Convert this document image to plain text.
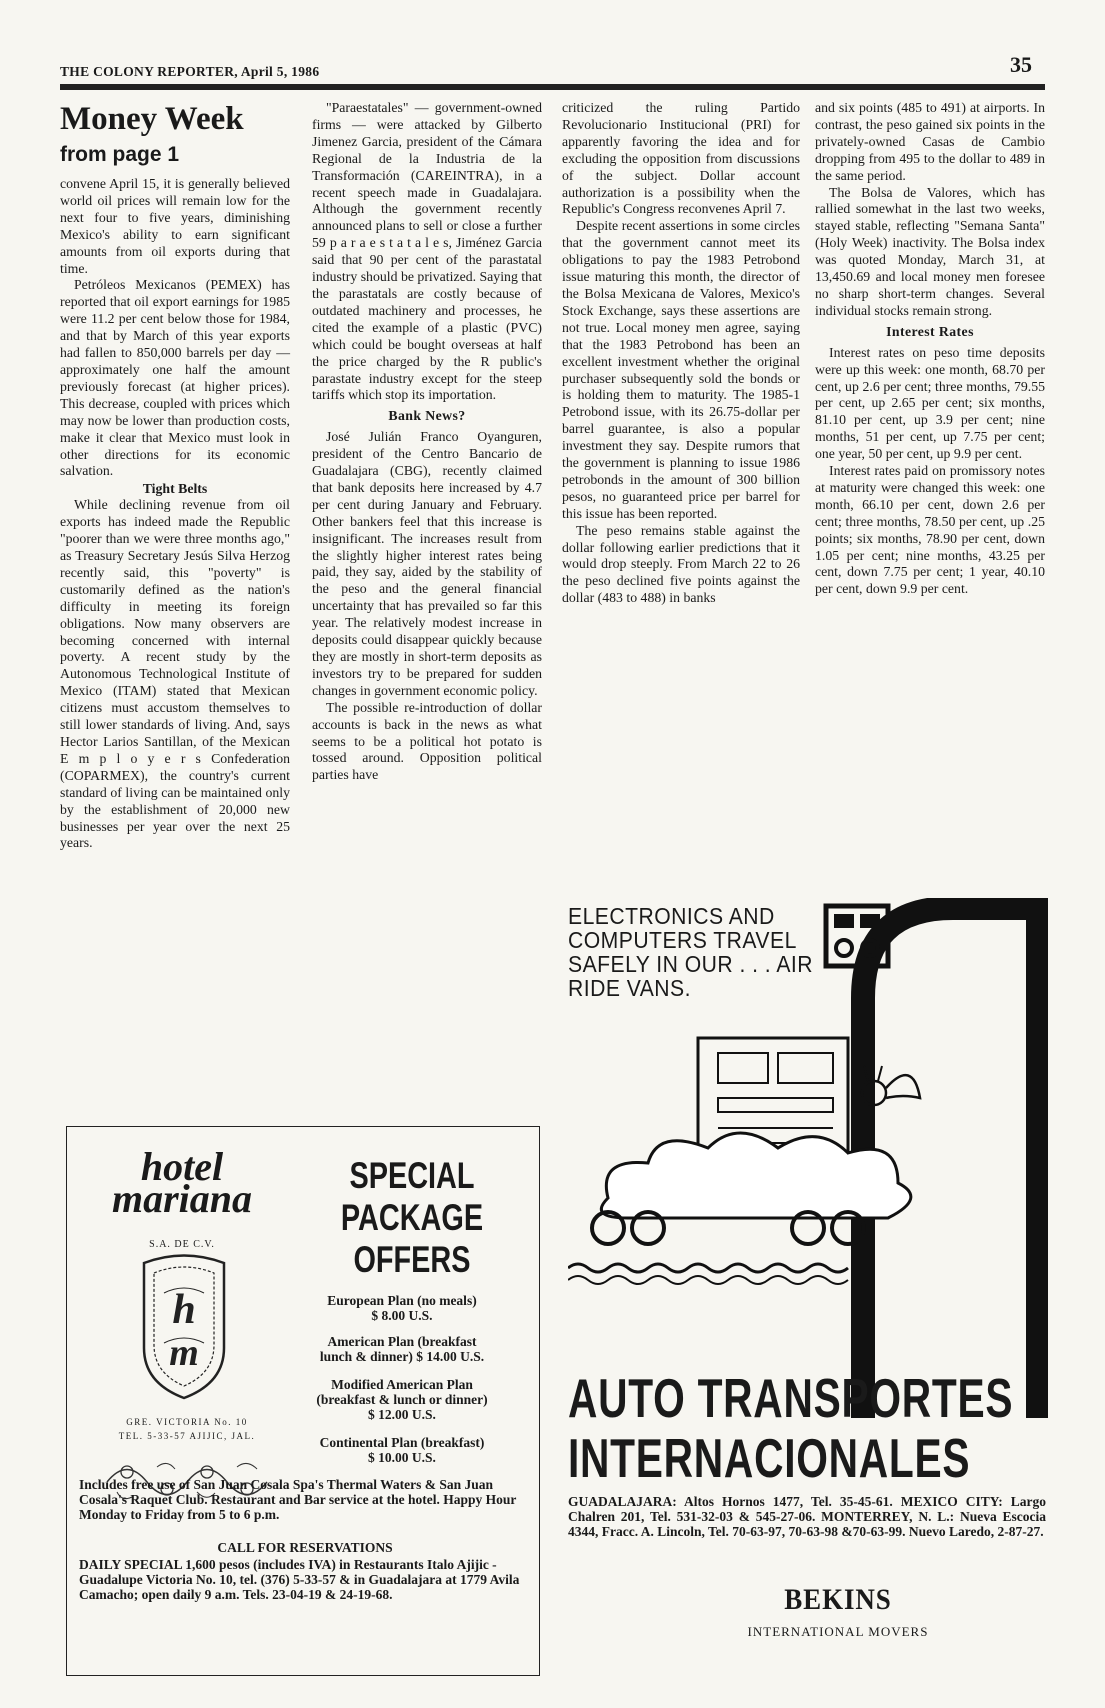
THE COLONY REPORTER, April 5, 1986	35
Money Week
from page 1

convene April 15, it is generally believed world oil prices will remain low for the next four to five years, diminishing Mexico's ability to earn significant amounts from oil exports during that time.

Petróleos Mexicanos (PEMEX) has reported that oil export earnings for 1985 were 11.2 per cent below those for 1984, and that by March of this year exports had fallen to 850,000 barrels per day — approximately one half the amount previously forecast (at higher prices). This decrease, coupled with prices which may now be lower than production costs, make it clear that Mexico must look in other directions for its economic salvation.

Tight Belts

While declining revenue from oil exports has indeed made the Republic "poorer than we were three months ago," as Treasury Secretary Jesús Silva Herzog recently said, this "poverty" is customarily defined as the nation's difficulty in meeting its foreign obligations. Now many observers are becoming concerned with internal poverty. A recent study by the Autonomous Technological Institute of Mexico (ITAM) stated that Mexican citizens must accustom themselves to still lower standards of living. And, says Hector Larios Santillan, of the Mexican E m p l o y e r s Confederation (COPARMEX), the country's current standard of living can be maintained only by the establishment of 20,000 new businesses per year over the next 25 years.

"Paraestatales" — government-owned firms — were attacked by Gilberto Jimenez Garcia, president of the Cámara Regional de la Industria de la Transformación (CAREINTRA), in a recent speech made in Guadalajara. Although the government recently announced plans to sell or close a further 59 p a r a e s t a t a l e s, Jiménez Garcia said that 90 per cent of the parastatal industry should be privatized. Saying that the parastatals are costly because of outdated machinery and processes, he cited the example of a plastic (PVC) which could be bought overseas at half the price charged by the R public's parastate industry except for the steep tariffs which stop its importation.

Bank News?

José Julián Franco Oyanguren, president of the Centro Bancario de Guadalajara (CBG), recently claimed that bank deposits here increased by 4.7 per cent during January and February. Other bankers feel that this increase is insignificant. The increases result from the slightly higher interest rates being paid, they say, aided by the stability of the peso and the general financial uncertainty that has prevailed so far this year. The relatively modest increase in deposits could disappear quickly because they are mostly in short-term deposits as investors try to be prepared for sudden changes in government economic policy.

The possible re-introduction of dollar accounts is back in the news as what seems to be a political hot potato is tossed around. Opposition political parties have

criticized the ruling Partido Revolucionario Institucional (PRI) for apparently favoring the idea and for excluding the opposition from discussions of the subject. Dollar account authorization is a possibility when the Republic's Congress reconvenes April 7.

Despite recent assertions in some circles that the government cannot meet its obligations to pay the 1983 Petrobond issue maturing this month, the director of the Bolsa Mexicana de Valores, Mexico's Stock Exchange, says these assertions are not true. Local money men agree, saying that the 1983 Petrobond has been an excellent investment whether the original purchaser subsequently sold the bonds or is holding them to maturity. The 1985-1 Petrobond issue, with its 26.75-dollar per barrel guarantee, is also a popular investment they say. Despite rumors that the government is planning to issue 1986 petrobonds in the amount of 300 billion pesos, no guaranteed price per barrel for this issue has been reported.

The peso remains stable against the dollar following earlier predictions that it would drop steeply. From March 22 to 26 the peso declined five points against the dollar (483 to 488) in banks

and six points (485 to 491) at airports. In contrast, the peso gained six points in the privately-owned Casas de Cambio dropping from 495 to the dollar to 489 in the same period.

The Bolsa de Valores, which has rallied somewhat in the last two weeks, stayed stable, reflecting "Semana Santa" (Holy Week) inactivity. The Bolsa index was quoted Monday, March 31, at 13,450.69 and local money men foresee no sharp short-term changes. Several individual stocks remain strong.

Interest Rates

Interest rates on peso time deposits were up this week: one month, 68.70 per cent, up 2.6 per cent; three months, 79.55 per cent, up 2.65 per cent; six months, 81.10 per cent, up 3.9 per cent; nine months, 51 per cent, up 7.75 per cent; one year, 50 per cent, up 9.9 per cent.

Interest rates paid on promissory notes at maturity were changed this week: one month, 66.10 per cent, down 2.6 per cent; three months, 78.50 per cent, up .25 points; six months, 78.90 per cent, down 1.05 per cent; nine months, 43.25 per cent, down 7.75 per cent; 1 year, 40.10 per cent, down 9.9 per cent.

hotel
mariana
S.A. DE C.V.
h
m
GRE. VICTORIA No. 10
TEL. 5-33-57 AJIJIC, JAL.
SPECIAL
PACKAGE
OFFERS
European Plan (no meals)
$ 8.00 U.S.
American Plan (breakfast
lunch & dinner) $ 14.00 U.S.
Modified American Plan
(breakfast & lunch or dinner)
$ 12.00 U.S.
Continental Plan (breakfast)
$ 10.00 U.S.
Includes free use of San Juan Cosala Spa's Thermal Waters & San Juan Cosala's Raquet Club. Restaurant and Bar service at the hotel. Happy Hour Monday to Friday from 5 to 6 p.m.
CALL FOR RESERVATIONS
DAILY SPECIAL 1,600 pesos (includes IVA) in Restaurants Italo Ajijic - Guadalupe Victoria No. 10, tel. (376) 5-33-57 & in Guadalajara at 1779 Avila Camacho; open daily 9 a.m. Tels. 23-04-19 & 24-19-68.
ELECTRONICS AND COMPUTERS TRAVEL SAFELY IN OUR . . . AIR RIDE VANS.
AUTO TRANSPORTES
INTERNACIONALES
GUADALAJARA: Altos Hornos 1477, Tel. 35-45-61. MEXICO CITY: Largo Chalren 201, Tel. 531-32-03 & 545-27-06. MONTERREY, N. L.: Nueva Escocia 4344, Fracc. A. Lincoln, Tel. 70-63-97, 70-63-98 &70-63-99. Nuevo Laredo, 2-87-27.
BEKINS
INTERNATIONAL MOVERS
